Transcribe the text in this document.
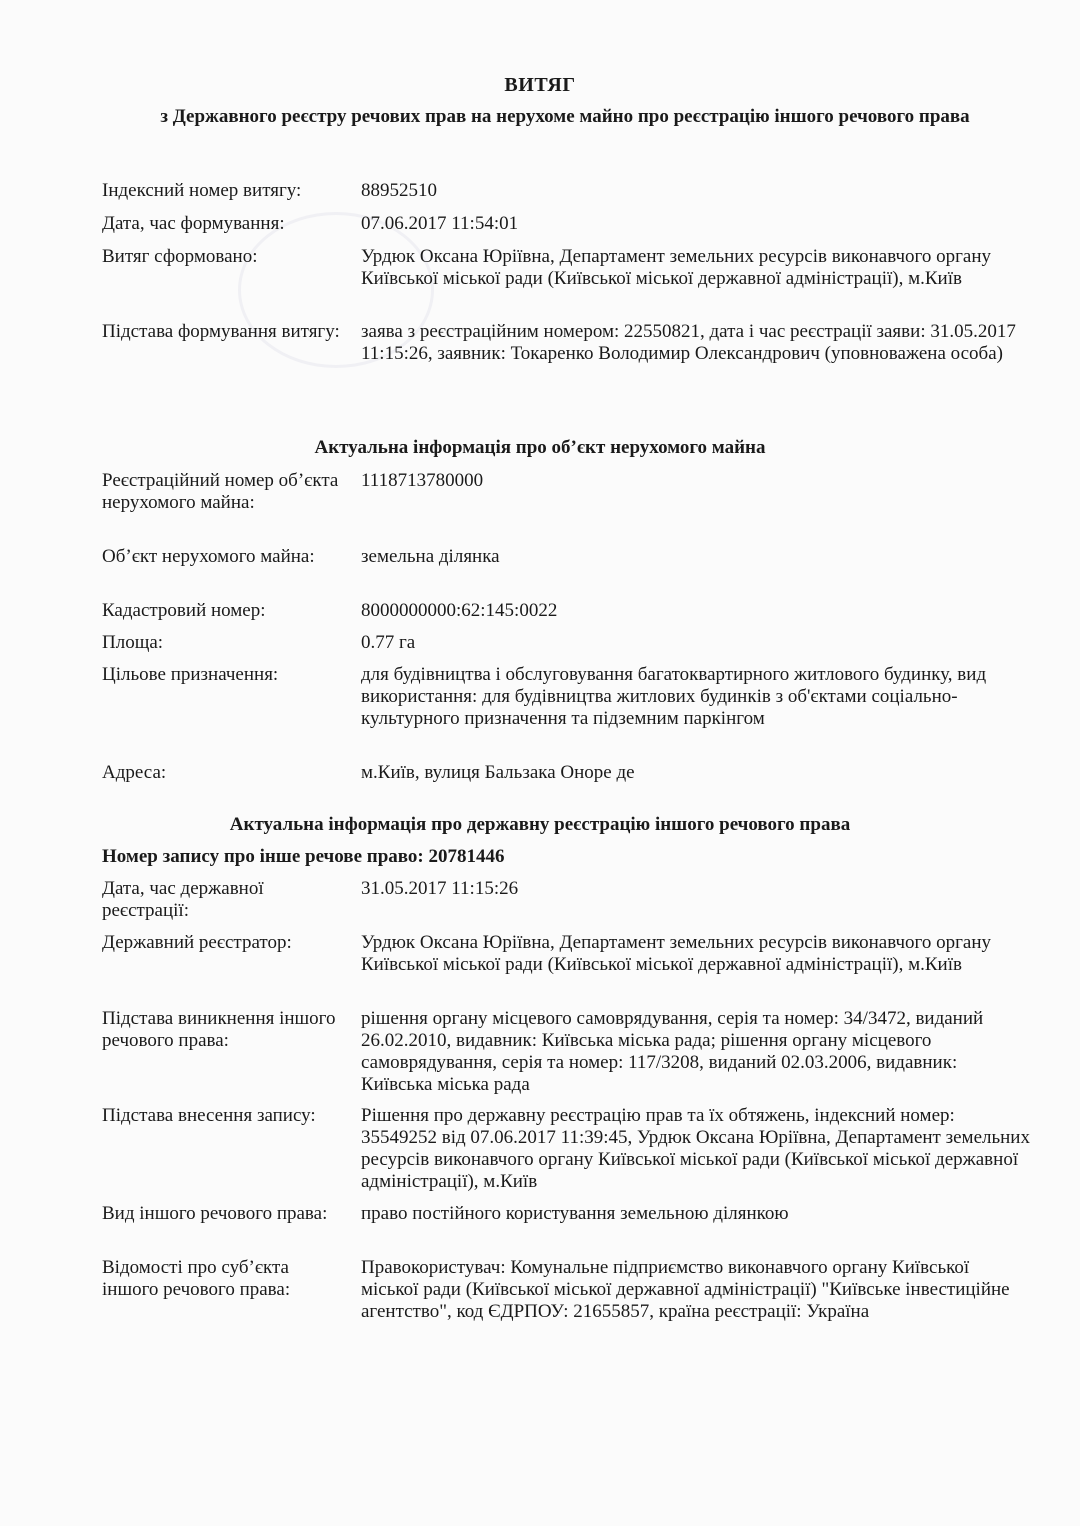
ВИТЯГ
з Державного реєстру речових прав на нерухоме майно про реєстрацію іншого речового права
Індексний номер витягу:	88952510
Дата, час формування:	07.06.2017 11:54:01
Витяг сформовано:	Урдюк Оксана Юріївна, Департамент земельних ресурсів виконавчого органу Київської міської ради (Київської міської державної адміністрації), м.Київ
Підстава формування витягу: заява з реєстраційним номером: 22550821, дата і час реєстрації заяви: 31.05.2017 11:15:26, заявник: Токаренко Володимир Олександрович (уповноважена особа)
Актуальна інформація про об’єкт нерухомого майна
Реєстраційний номер об’єкта нерухомого майна:
1118713780000
Об’єкт нерухомого майна:	земельна ділянка
Кадастровий номер:	8000000000:62:145:0022
Площа:	0.77 га
Цільове призначення:	для будівництва і обслуговування багатоквартирного житлового будинку, вид використання: для будівництва житлових будинків з об'єктами соціально-культурного призначення та підземним паркінгом
Адреса:	м.Київ, вулиця Бальзака Оноре де
Актуальна інформація про державну реєстрацію іншого речового права
Номер запису про інше речове право: 20781446
Дата, час державної реєстрації:
31.05.2017 11:15:26
Державний реєстратор:	Урдюк Оксана Юріївна, Департамент земельних ресурсів виконавчого органу Київської міської ради (Київської міської державної адміністрації), м.Київ
Підстава виникнення іншого речового права:
рішення органу місцевого самоврядування, серія та номер: 34/3472, виданий 26.02.2010, видавник: Київська міська рада; рішення органу місцевого самоврядування, серія та номер: 117/3208, виданий 02.03.2006, видавник: Київська міська рада
Підстава внесення запису:	Рішення про державну реєстрацію прав та їх обтяжень, індексний номер: 35549252 від 07.06.2017 11:39:45, Урдюк Оксана Юріївна, Департамент земельних ресурсів виконавчого органу Київської міської ради (Київської міської державної адміністрації), м.Київ
Вид іншого речового права:	право постійного користування земельною ділянкою
Відомості про суб’єкта іншого речового права:
Правокористувач: Комунальне підприємство виконавчого органу Київської міської ради (Київської міської державної адміністрації) "Київське інвестиційне агентство", код ЄДРПОУ: 21655857, країна реєстрації: Україна
